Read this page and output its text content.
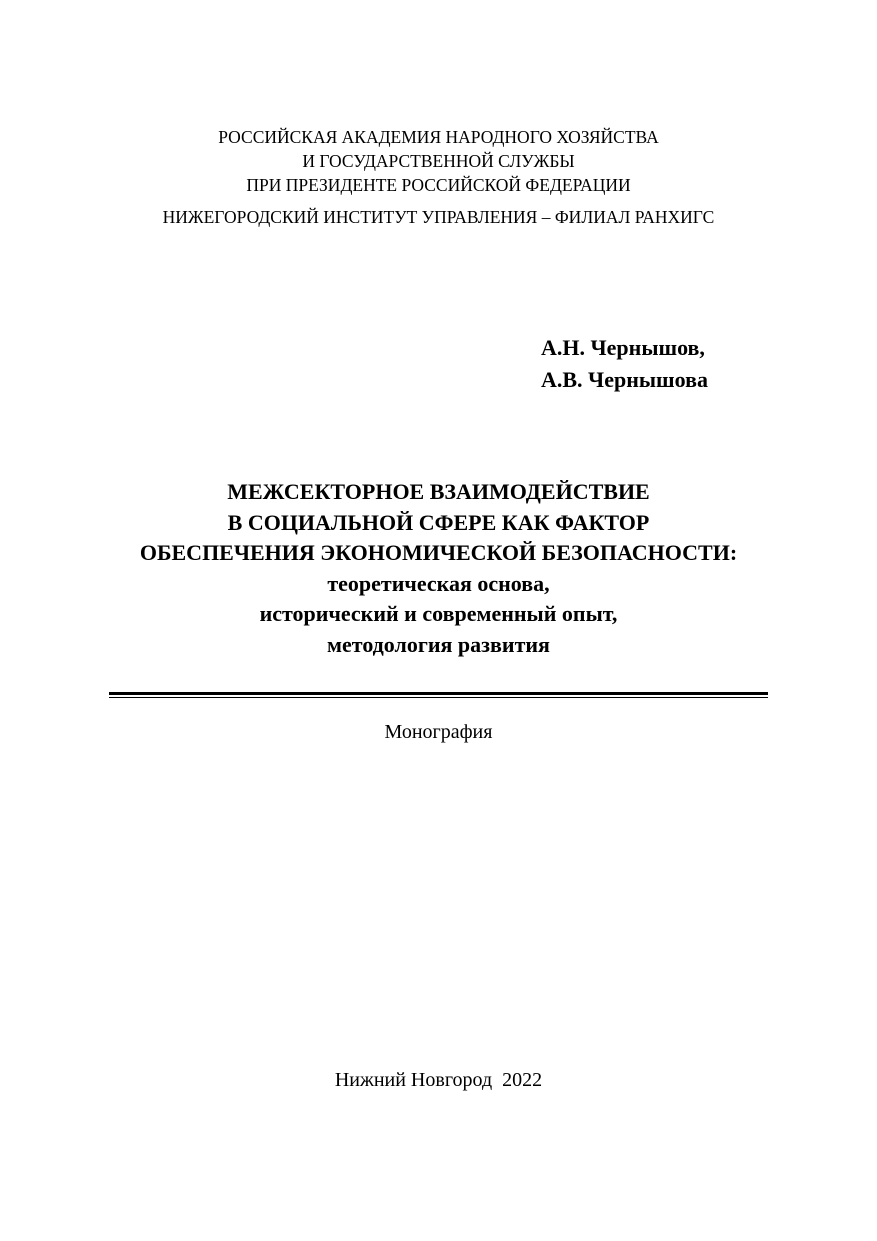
РОССИЙСКАЯ АКАДЕМИЯ НАРОДНОГО ХОЗЯЙСТВА
И ГОСУДАРСТВЕННОЙ СЛУЖБЫ
ПРИ ПРЕЗИДЕНТЕ РОССИЙСКОЙ ФЕДЕРАЦИИ
НИЖЕГОРОДСКИЙ ИНСТИТУТ УПРАВЛЕНИЯ – ФИЛИАЛ РАНХИГС
А.Н. Чернышов,
А.В. Чернышова
МЕЖСЕКТОРНОЕ ВЗАИМОДЕЙСТВИЕ
В СОЦИАЛЬНОЙ СФЕРЕ КАК ФАКТОР
ОБЕСПЕЧЕНИЯ ЭКОНОМИЧЕСКОЙ БЕЗОПАСНОСТИ:
теоретическая основа,
исторический и современный опыт,
методология развития
Монография
Нижний Новгород  2022
